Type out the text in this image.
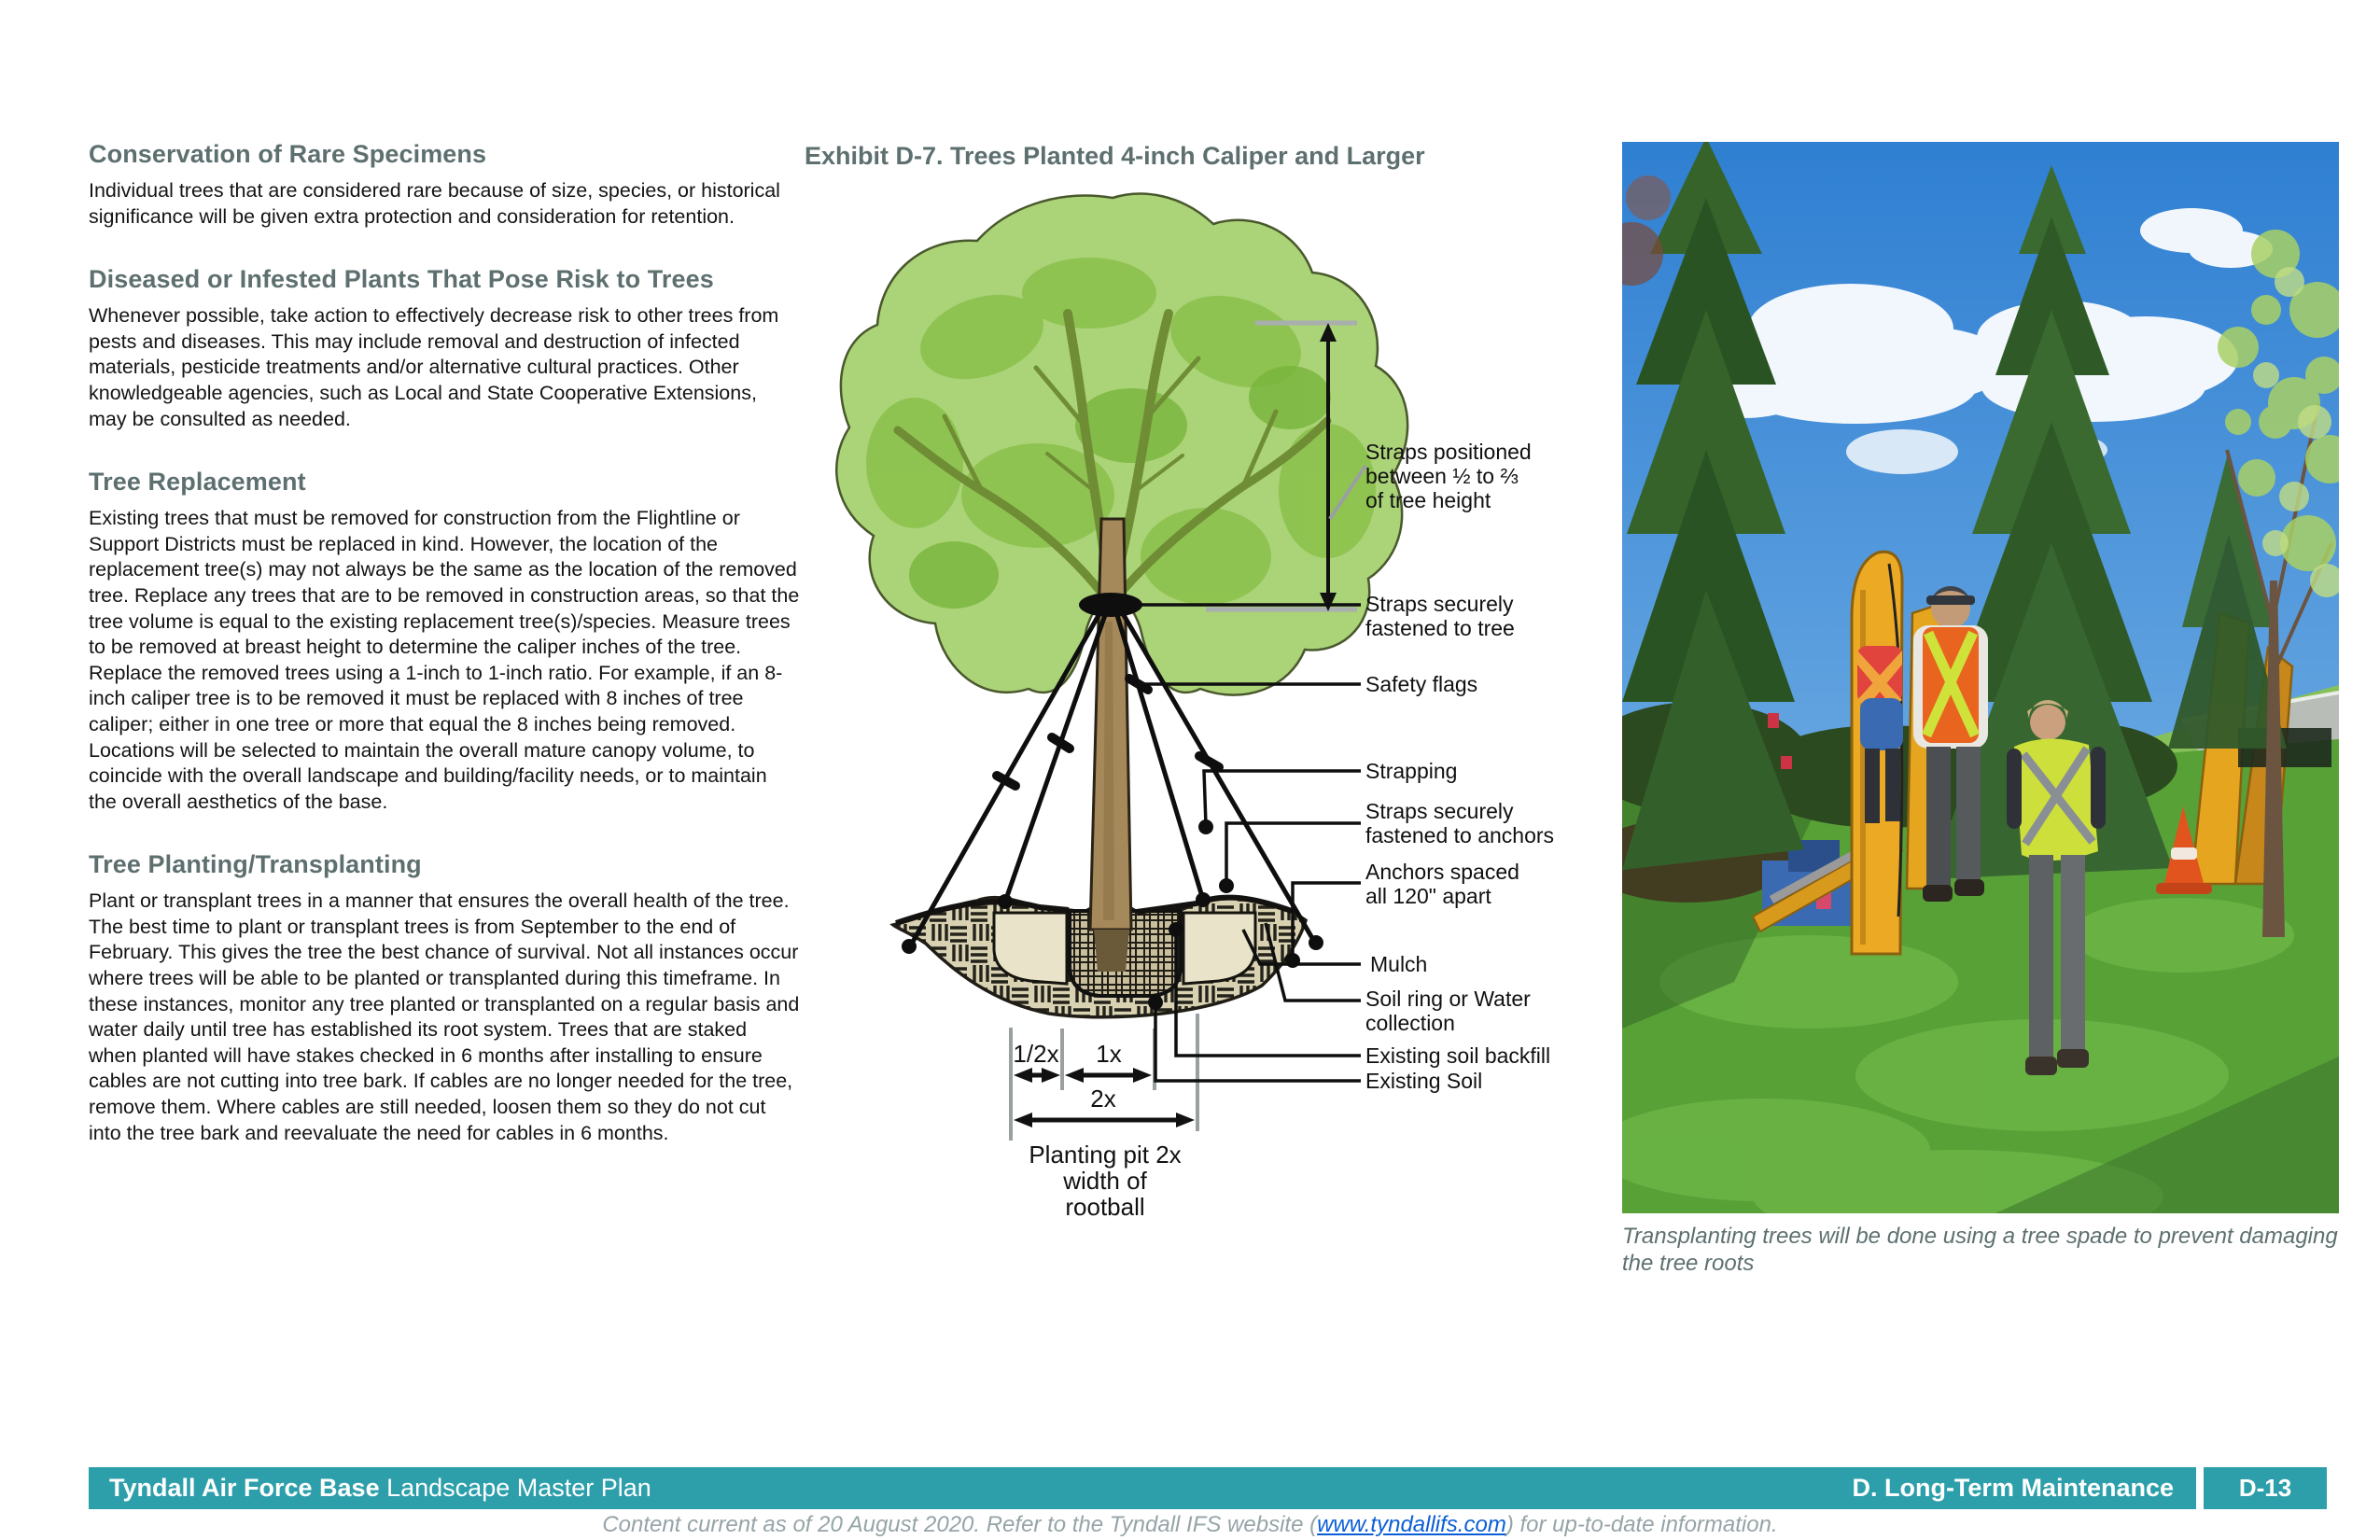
Conservation of Rare Specimens

Individual trees that are considered rare because of size, species, or historical significance will be given extra protection and consideration for retention.

Diseased or Infested Plants That Pose Risk to Trees

Whenever possible, take action to effectively decrease risk to other trees from pests and diseases. This may include removal and destruction of infected materials, pesticide treatments and/or alternative cultural practices. Other knowledgeable agencies, such as Local and State Cooperative Extensions, may be consulted as needed.

Tree Replacement

Existing trees that must be removed for construction from the Flightline or Support Districts must be replaced in kind. However, the location of the replacement tree(s) may not always be the same as the location of the removed tree. Replace any trees that are to be removed in construction areas, so that the tree volume is equal to the existing replacement tree(s)/species. Measure trees to be removed at breast height to determine the caliper inches of the tree. Replace the removed trees using a 1-inch to 1-inch ratio. For example, if an 8-inch caliper tree is to be removed it must be replaced with 8 inches of tree caliper; either in one tree or more that equal the 8 inches being removed. Locations will be selected to maintain the overall mature canopy volume, to coincide with the overall landscape and building/facility needs, or to maintain the overall aesthetics of the base.

Tree Planting/Transplanting

Plant or transplant trees in a manner that ensures the overall health of the tree. The best time to plant or transplant trees is from September to the end of February. This gives the tree the best chance of survival. Not all instances occur where trees will be able to be planted or transplanted during this timeframe. In these instances, monitor any tree planted or transplanted on a regular basis and water daily until tree has established its root system. Trees that are staked when planted will have stakes checked in 6 months after installing to ensure cables are not cutting into tree bark. If cables are no longer needed for the tree, remove them. Where cables are still needed, loosen them so they do not cut into the tree bark and reevaluate the need for cables in 6 months.

Exhibit D-7. Trees Planted 4-inch Caliper and Larger
1/2x 1x
2x
Planting pit 2x
width of
rootball
Straps positioned between ½ to ⅔ of tree height
Straps securely fastened to tree
Safety flags
Strapping
Straps securely fastened to anchors
Anchors spaced all 120" apart
Mulch
Soil ring or Water collection
Existing soil backfill
Existing Soil
Transplanting trees will be done using a tree spade to prevent damaging the tree roots
Tyndall Air Force Base Landscape Master Plan	D. Long-Term Maintenance	D-13
Content current as of 20 August 2020. Refer to the Tyndall IFS website (www.tyndallifs.com) for up-to-date information.
